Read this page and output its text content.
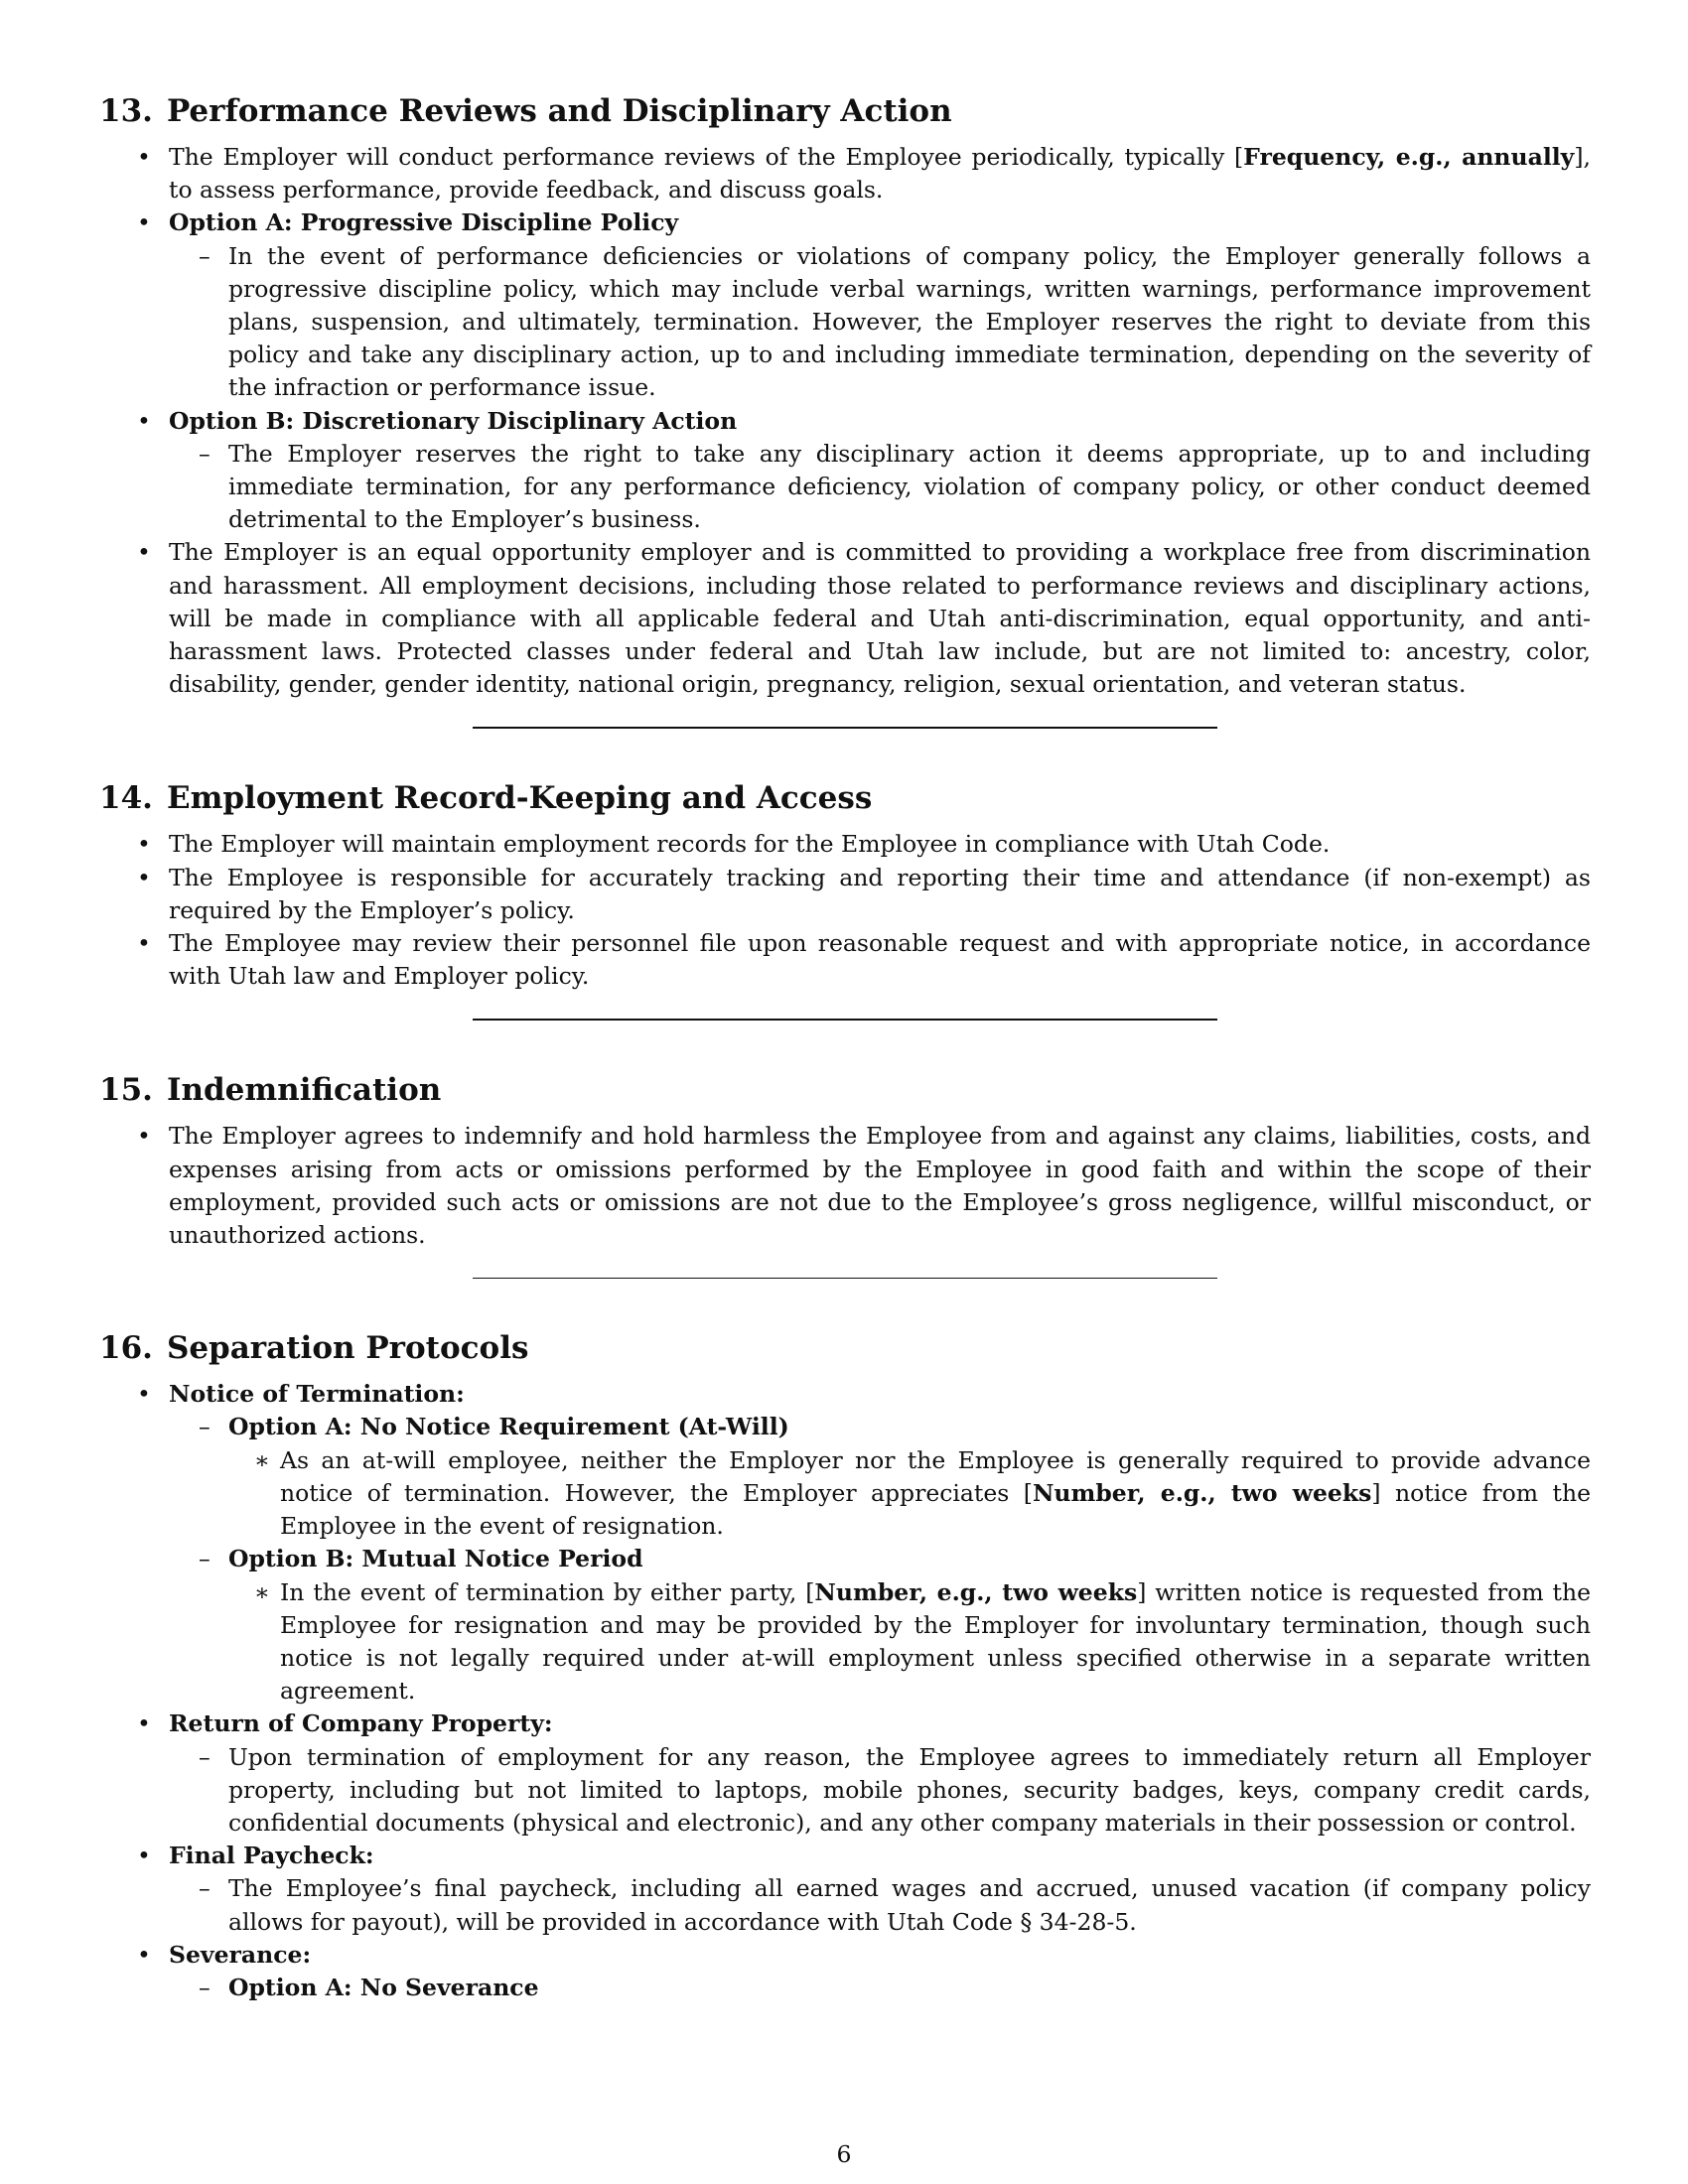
13. Performance Reviews and Disciplinary Action
• The Employer will conduct performance reviews of the Employee periodically, typically [Frequency, e.g., annually], to assess performance, provide feedback, and discuss goals.
• Option A: Progressive Discipline Policy
– In the event of performance deficiencies or violations of company policy, the Employer generally follows a progressive discipline policy, which may include verbal warnings, written warnings, performance improvement plans, suspension, and ultimately, termination. However, the Employer reserves the right to deviate from this policy and take any disciplinary action, up to and including immediate termination, depending on the severity of the infraction or performance issue.
• Option B: Discretionary Disciplinary Action
– The Employer reserves the right to take any disciplinary action it deems appropriate, up to and including immediate termination, for any performance deficiency, violation of company policy, or other conduct deemed detrimental to the Employer’s business.
• The Employer is an equal opportunity employer and is committed to providing a workplace free from discrimination and harassment. All employment decisions, including those related to performance reviews and disciplinary actions, will be made in compliance with all applicable federal and Utah anti-discrimination, equal opportunity, and anti-harassment laws. Protected classes under federal and Utah law include, but are not limited to: ancestry, color, disability, gender, gender identity, national origin, pregnancy, religion, sexual orientation, and veteran status.
14. Employment Record-Keeping and Access
• The Employer will maintain employment records for the Employee in compliance with Utah Code.
• The Employee is responsible for accurately tracking and reporting their time and attendance (if non-exempt) as required by the Employer’s policy.
• The Employee may review their personnel file upon reasonable request and with appropriate notice, in accordance with Utah law and Employer policy.
15. Indemnification
• The Employer agrees to indemnify and hold harmless the Employee from and against any claims, liabilities, costs, and expenses arising from acts or omissions performed by the Employee in good faith and within the scope of their employment, provided such acts or omissions are not due to the Employee’s gross negligence, willful misconduct, or unauthorized actions.
16. Separation Protocols
• Notice of Termination:
– Option A: No Notice Requirement (At-Will)
∗ As an at-will employee, neither the Employer nor the Employee is generally required to provide advance notice of termination. However, the Employer appreciates [Number, e.g., two weeks] notice from the Employee in the event of resignation.
– Option B: Mutual Notice Period
∗ In the event of termination by either party, [Number, e.g., two weeks] written notice is requested from the Employee for resignation and may be provided by the Employer for involuntary termination, though such notice is not legally required under at-will employment unless specified otherwise in a separate written agreement.
• Return of Company Property:
– Upon termination of employment for any reason, the Employee agrees to immediately return all Employer property, including but not limited to laptops, mobile phones, security badges, keys, company credit cards, confidential documents (physical and electronic), and any other company materials in their possession or control.
• Final Paycheck:
– The Employee’s final paycheck, including all earned wages and accrued, unused vacation (if company policy allows for payout), will be provided in accordance with Utah Code § 34-28-5.
• Severance:
– Option A: No Severance
6
